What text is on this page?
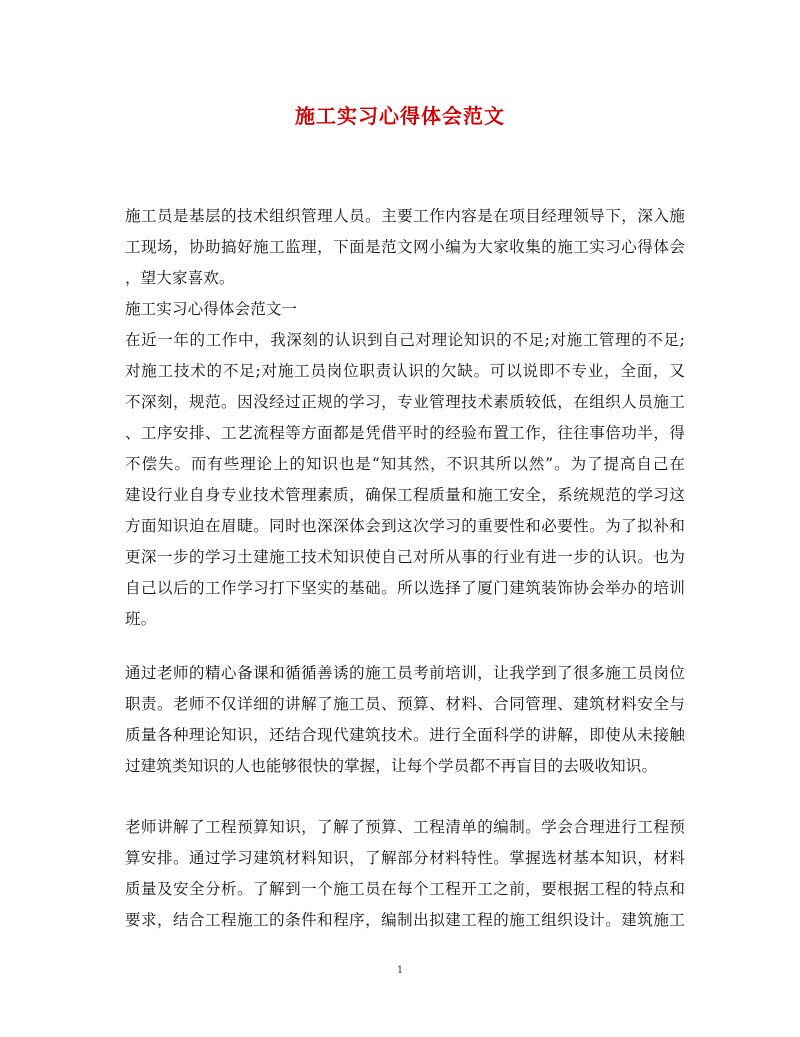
施工实习心得体会范文

施工员是基层的技术组织管理人员。主要工作内容是在项目经理领导下，深入施

工现场，协助搞好施工监理，下面是范文网小编为大家收集的施工实习心得体会

，望大家喜欢。

施工实习心得体会范文一

在近一年的工作中，我深刻的认识到自己对理论知识的不足;对施工管理的不足;

对施工技术的不足;对施工员岗位职责认识的欠缺。可以说即不专业，全面，又

不深刻，规范。因没经过正规的学习，专业管理技术素质较低，在组织人员施工

、工序安排、工艺流程等方面都是凭借平时的经验布置工作，往往事倍功半，得

不偿失。而有些理论上的知识也是“知其然，不识其所以然”。为了提高自己在

建设行业自身专业技术管理素质，确保工程质量和施工安全，系统规范的学习这

方面知识迫在眉睫。同时也深深体会到这次学习的重要性和必要性。为了拟补和

更深一步的学习土建施工技术知识使自己对所从事的行业有进一步的认识。也为

自己以后的工作学习打下坚实的基础。所以选择了厦门建筑装饰协会举办的培训

班。

通过老师的精心备课和循循善诱的施工员考前培训，让我学到了很多施工员岗位

职责。老师不仅详细的讲解了施工员、预算、材料、合同管理、建筑材料安全与

质量各种理论知识，还结合现代建筑技术。进行全面科学的讲解，即使从未接触

过建筑类知识的人也能够很快的掌握，让每个学员都不再盲目的去吸收知识。

老师讲解了工程预算知识，了解了预算、工程清单的编制。学会合理进行工程预

算安排。通过学习建筑材料知识，了解部分材料特性。掌握选材基本知识，材料

质量及安全分析。了解到一个施工员在每个工程开工之前，要根据工程的特点和

要求，结合工程施工的条件和程序，编制出拟建工程的施工组织设计。建筑施工

1
